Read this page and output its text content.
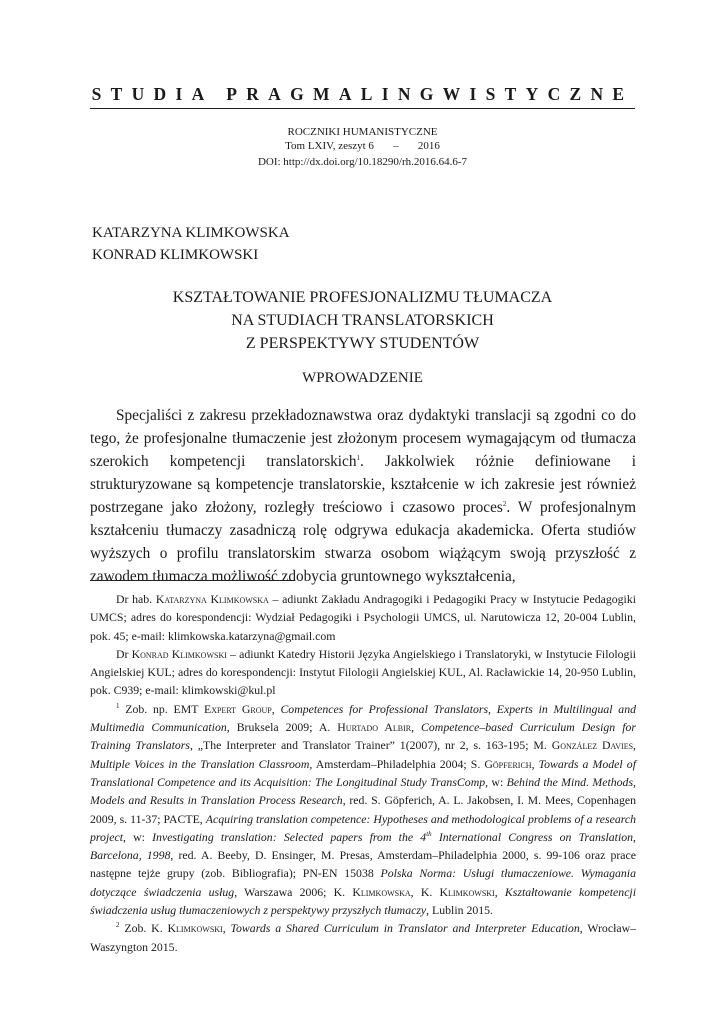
STUDIA PRAGMALINGWISTYCZNE
ROCZNIKI HUMANISTYCZNE
Tom LXIV, zeszyt 6       –       2016
DOI: http://dx.doi.org/10.18290/rh.2016.64.6-7
KATARZYNA KLIMKOWSKA
KONRAD KLIMKOWSKI
KSZTAŁTOWANIE PROFESJONALIZMU TŁUMACZA
NA STUDIACH TRANSLATORSKICH
Z PERSPEKTYWY STUDENTÓW
WPROWADZENIE

Specjaliści z zakresu przekładoznawstwa oraz dydaktyki translacji są zgodni co do tego, że profesjonalne tłumaczenie jest złożonym procesem wymagającym od tłumacza szerokich kompetencji translatorskich$^1$. Jakkolwiek różnie definiowane i strukturyzowane są kompetencje translatorskie, kształcenie w ich zakresie jest również postrzegane jako złożony, rozległy treściowo i czasowo proces$^2$. W profesjonalnym kształceniu tłumaczy zasadniczą rolę odgrywa edukacja akademicka. Oferta studiów wyższych o profilu translatorskim stwarza osobom wiążącym swoją przyszłość z zawodem tłumacza możliwość zdobycia gruntownego wykształcenia,

Dr hab. Katarzyna Klimkowska – adiunkt Zakładu Andragogiki i Pedagogiki Pracy w Instytucie Pedagogiki UMCS; adres do korespondencji: Wydział Pedagogiki i Psychologii UMCS, ul. Narutowicza 12, 20-004 Lublin, pok. 45; e-mail: klimkowska.katarzyna@gmail.com

Dr Konrad Klimkowski – adiunkt Katedry Historii Języka Angielskiego i Translatoryki, w Instytucie Filologii Angielskiej KUL; adres do korespondencji: Instytut Filologii Angielskiej KUL, Al. Racławickie 14, 20-950 Lublin, pok. C939; e-mail: klimkowski@kul.pl

$^1$ Zob. np. EMT Expert Group, Competences for Professional Translators, Experts in Multilingual and Multimedia Communication, Bruksela 2009; A. Hurtado Albir, Competence–based Curriculum Design for Training Translators, „The Interpreter and Translator Trainer” 1(2007), nr 2, s. 163-195; M. González Davies, Multiple Voices in the Translation Classroom, Amsterdam–Philadelphia 2004; S. Göpferich, Towards a Model of Translational Competence and its Acquisition: The Longitudinal Study TransComp, w: Behind the Mind. Methods, Models and Results in Translation Process Research, red. S. Göpferich, A. L. Jakobsen, I. M. Mees, Copenhagen 2009, s. 11-37; PACTE, Acquiring translation competence: Hypotheses and methodological problems of a research project, w: Investigating translation: Selected papers from the 4th International Congress on Translation, Barcelona, 1998, red. A. Beeby, D. Ensinger, M. Presas, Amsterdam–Philadelphia 2000, s. 99-106 oraz prace następne tejże grupy (zob. Bibliografia); PN-EN 15038 Polska Norma: Usługi tłumaczeniowe. Wymagania dotyczące świadczenia usług, Warszawa 2006; K. Klimkowska, K. Klimkowski, Kształtowanie kompetencji świadczenia usług tłumaczeniowych z perspektywy przyszłych tłumaczy, Lublin 2015.

$^2$ Zob. K. Klimkowski, Towards a Shared Curriculum in Translator and Interpreter Education, Wrocław–Waszyngton 2015.
